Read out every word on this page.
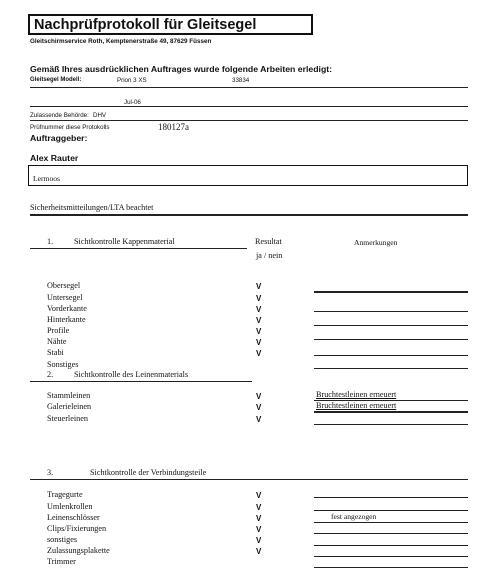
Nachprüfprotokoll für Gleitsegel
Gleitschirmservice Roth, Kemptenerstraße 49, 87629 Füssen
Gemäß Ihres ausdrücklichen Auftrages wurde folgende Arbeiten erledigt:
Gleitsegel Modell:	Prion 3 XS	33834
Jul-06
Zulassende Behörde: DHV
Prüfnummer diese Protokolls	180127a
Auftraggeber:
Alex Rauter
Lermoos
Sicherheitsmitteilungen/LTA beachtet
1.	Sichtkontrolle Kappenmaterial	Resultat
ja / nein
Anmerkungen
Obersegel	V
Untersegel	V
Vorderkante	V
Hinterkante	V
Profile	V
Nähte	V
Stabi	V
Sonstiges
2.	Sichtkontrolle des Leinenmaterials
Stammleinen	V	Bruchtestleinen erneuert
Galerieleinen	V	Bruchtestleinen erneuert
Steuerleinen	V
3.	Sichtkontrolle der Verbindungsteile
Tragegurte	V
Umlenkrollen	V
Leinenschlösser	V	fest angezogen
Clips/Fixierungen	V
sonstiges	V
Zulassungsplakette	V
Trimmer
